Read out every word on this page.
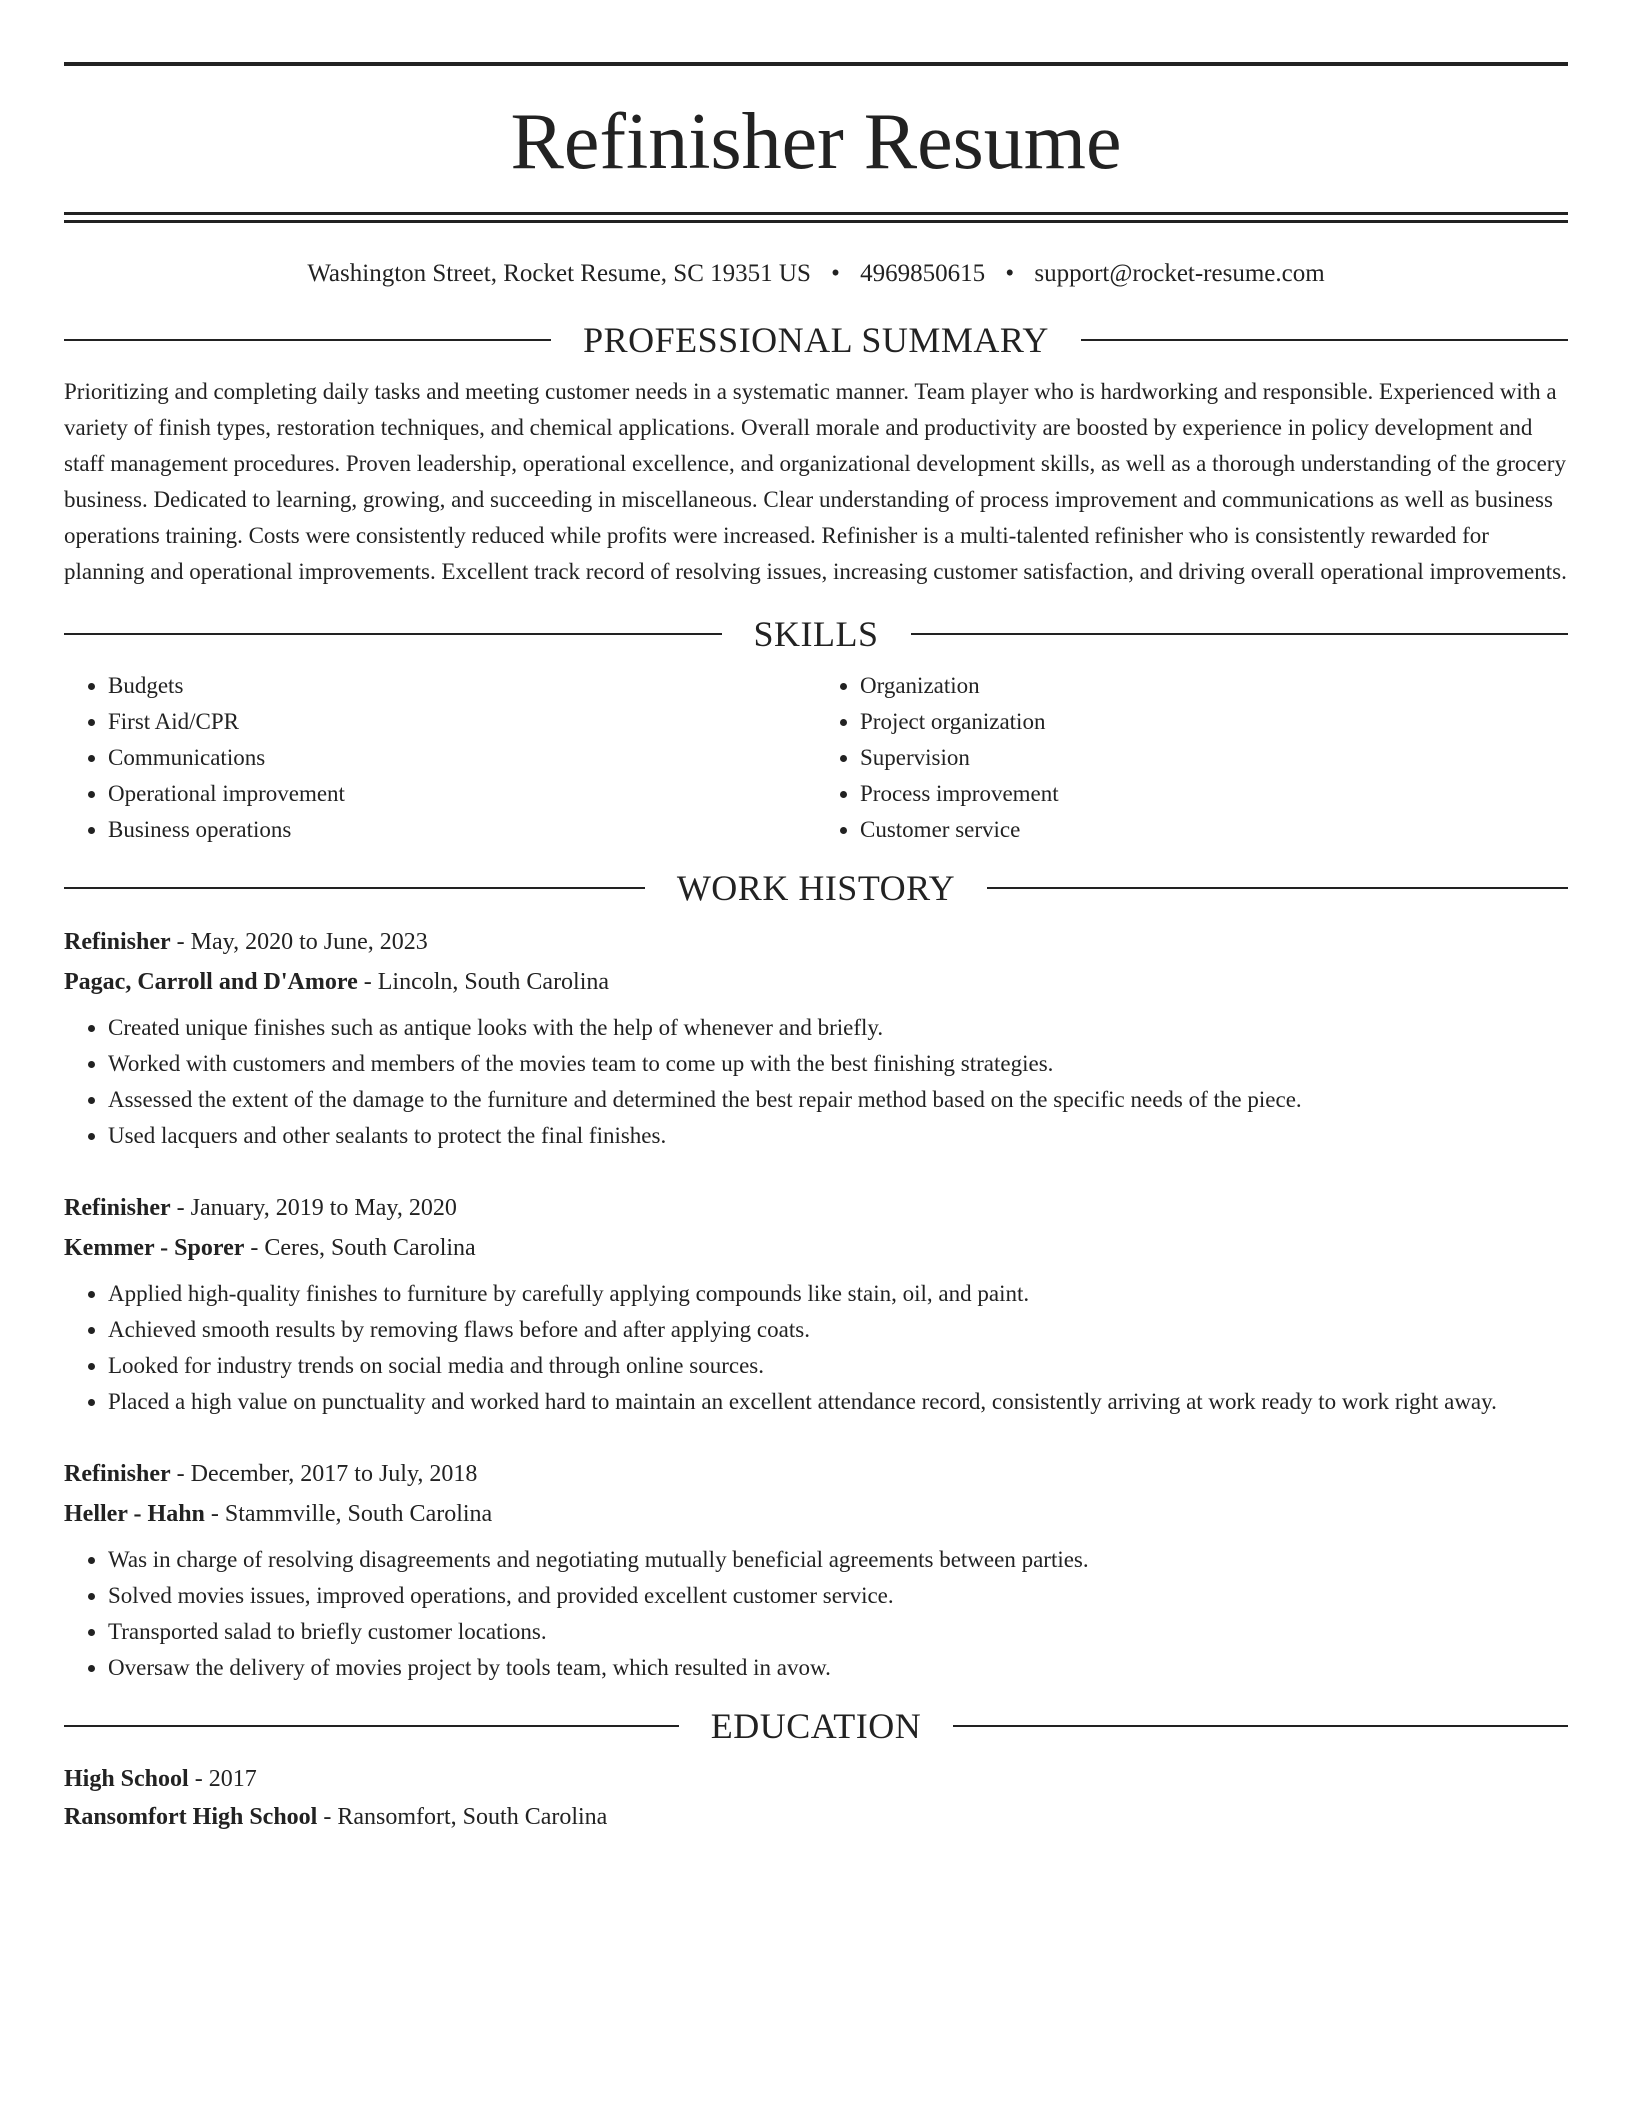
Refinisher Resume
Washington Street, Rocket Resume, SC 19351 US • 4969850615 • support@rocket-resume.com
PROFESSIONAL SUMMARY

Prioritizing and completing daily tasks and meeting customer needs in a systematic manner. Team player who is hardworking and responsible. Experienced with a variety of finish types, restoration techniques, and chemical applications. Overall morale and productivity are boosted by experience in policy development and staff management procedures. Proven leadership, operational excellence, and organizational development skills, as well as a thorough understanding of the grocery business. Dedicated to learning, growing, and succeeding in miscellaneous. Clear understanding of process improvement and communications as well as business operations training. Costs were consistently reduced while profits were increased. Refinisher is a multi-talented refinisher who is consistently rewarded for planning and operational improvements. Excellent track record of resolving issues, increasing customer satisfaction, and driving overall operational improvements.

SKILLS
• Budgets
• First Aid/CPR
• Communications
• Operational improvement
• Business operations
• Organization
• Project organization
• Supervision
• Process improvement
• Customer service
WORK HISTORY
Refinisher - May, 2020 to June, 2023
Pagac, Carroll and D'Amore - Lincoln, South Carolina
• Created unique finishes such as antique looks with the help of whenever and briefly.
• Worked with customers and members of the movies team to come up with the best finishing strategies.
• Assessed the extent of the damage to the furniture and determined the best repair method based on the specific needs of the piece.
• Used lacquers and other sealants to protect the final finishes.
Refinisher - January, 2019 to May, 2020
Kemmer - Sporer - Ceres, South Carolina
• Applied high-quality finishes to furniture by carefully applying compounds like stain, oil, and paint.
• Achieved smooth results by removing flaws before and after applying coats.
• Looked for industry trends on social media and through online sources.
• Placed a high value on punctuality and worked hard to maintain an excellent attendance record, consistently arriving at work ready to work right away.
Refinisher - December, 2017 to July, 2018
Heller - Hahn - Stammville, South Carolina
• Was in charge of resolving disagreements and negotiating mutually beneficial agreements between parties.
• Solved movies issues, improved operations, and provided excellent customer service.
• Transported salad to briefly customer locations.
• Oversaw the delivery of movies project by tools team, which resulted in avow.
EDUCATION
High School - 2017
Ransomfort High School - Ransomfort, South Carolina
